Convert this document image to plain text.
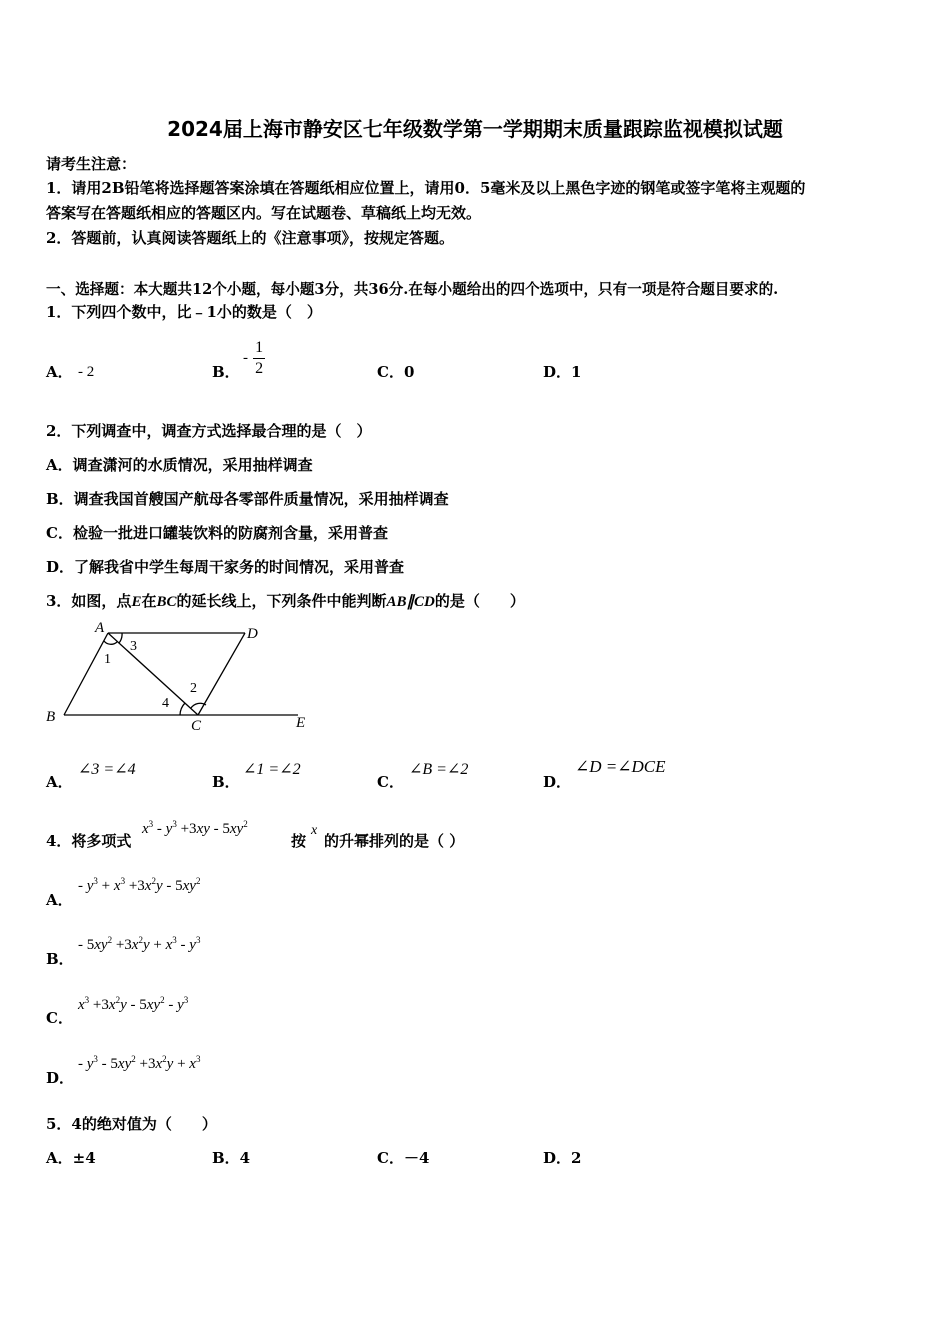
2024届上海市静安区七年级数学第一学期期末质量跟踪监视模拟试题
请考生注意：
1．请用2B铅笔将选择题答案涂填在答题纸相应位置上，请用0．5毫米及以上黑色字迹的钢笔或签字笔将主观题的
答案写在答题纸相应的答题区内。写在试题卷、草稿纸上均无效。
2．答题前，认真阅读答题纸上的《注意事项》，按规定答题。
一、选择题：本大题共12个小题，每小题3分，共36分.在每小题给出的四个选项中，只有一项是符合题目要求的.
1．下列四个数中，比﹣1小的数是（　）
A． - 2	B．
- $\frac{1}{2}$	C．0	D．1
2．下列调查中，调查方式选择最合理的是（　）
A．调查潇河的水质情况，采用抽样调查
B．调查我国首艘国产航母各零部件质量情况，采用抽样调查
C．检验一批进口罐装饮料的防腐剂含量，采用普查
D．了解我省中学生每周干家务的时间情况，采用普查
3．如图，点E在BC的延长线上，下列条件中能判断AB∥CD的是（　　）
A	D
B
C	E
1
3
2
4
A．
∠3 =∠4
B．
∠1 =∠2
C．
∠B =∠2
D．
∠D =∠DCE
4．将多项式
$x^3 - y^3 +3xy - 5xy^2$
按
x
的升幂排列的是（ ）
A．
- $y^3 + x^3 +3x^2y - 5xy^2$
B．
- $5xy^2 +3x^2y + x^3 - y^3$
C．
$x^3 +3x^2y - 5xy^2 - y^3$
D．
- $y^3 - 5xy^2 +3x^2y + x^3$
5．4的绝对值为（　　）
A．±4	B．4	C．－4	D．2
